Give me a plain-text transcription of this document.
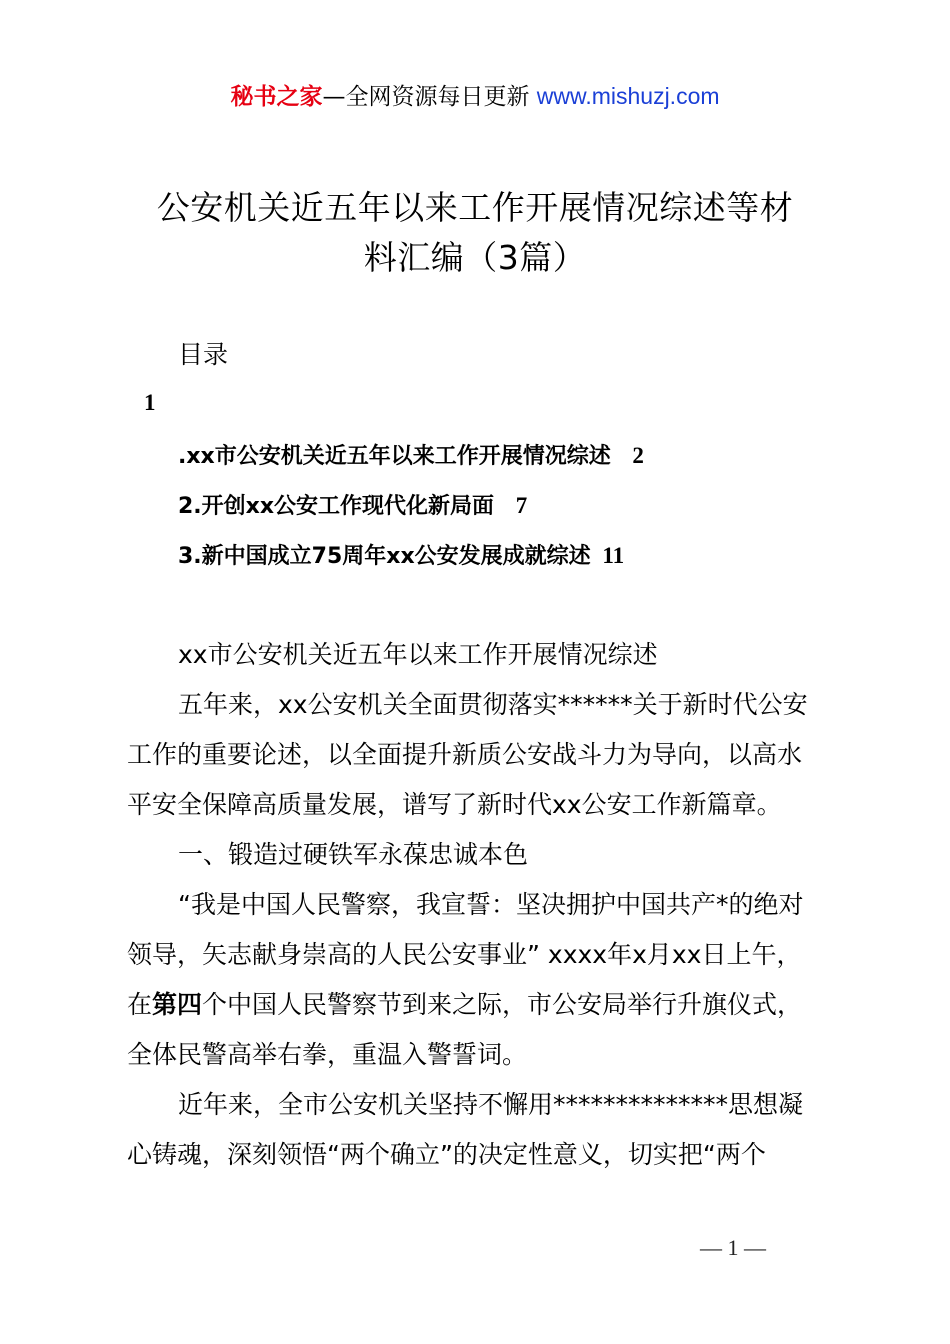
秘书之家—全网资源每日更新 www.mishuzj.com
公安机关近五年以来工作开展情况综述等材
料汇编（3篇）
目录
1
.xx市公安机关近五年以来工作开展情况综述 2
2.开创xx公安工作现代化新局面 7
3.新中国成立75周年xx公安发展成就综述 11
xx市公安机关近五年以来工作开展情况综述
五年来，xx公安机关全面贯彻落实******关于新时代公安
工作的重要论述，以全面提升新质公安战斗力为导向，以高水
平安全保障高质量发展，谱写了新时代xx公安工作新篇章。
一、锻造过硬铁军永葆忠诚本色
“我是中国人民警察，我宣誓：坚决拥护中国共产*的绝对
领导，矢志献身崇高的人民公安事业” xxxx年x月xx日上午，
在第四个中国人民警察节到来之际，市公安局举行升旗仪式，
全体民警高举右拳，重温入警誓词。
近年来，全市公安机关坚持不懈用**************思想凝
心铸魂，深刻领悟“两个确立”的决定性意义，切实把“两个
— 1 —
